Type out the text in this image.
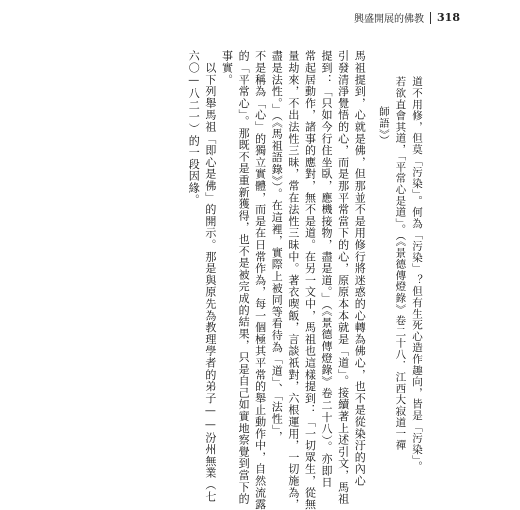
興盛開展的佛教 318
道不用修，但莫「污染」。何為「污染」？但有生死心造作趣向，皆是「污染」。
若欲直會其道，「平常心是道」。（《景德傳燈錄》卷二十八．江西大寂道一禪
師語》）
馬祖提到，心就是佛，但那並不是用修行將迷惑的心轉為佛心，也不是從染汙的內心
引發清淨覺悟的心，而是那平常當下的心，原原本本就是「道」。接續著上述引文，馬祖
提到：「只如今行住坐臥，應機接物，盡是道。」（《景德傳燈錄》卷二十八）。亦即日
常起居動作，諸事的應對，無不是道。在另一文中，馬祖也這樣提到：「一切眾生，從無
量劫來，不出法性三昧，常在法性三昧中。著衣喫飯，言談祇對，六根運用，一切施為，
盡是法性。」（《馬祖語錄》）。在這裡，實際上被同等看待為「道」、「法性」，
不是稱為「心」的獨立實體，而是在日常作為，每一個極其平常的舉止動作中，自然流露
的「平常心」。那既不是重新獲得，也不是被完成的結果，只是自己如實地察覺到當下的
事實。
　以下列舉馬祖「即心是佛」的開示。那是與原先為教理學者的弟子——汾州無業（七
六〇—八二一）的一段因緣。
